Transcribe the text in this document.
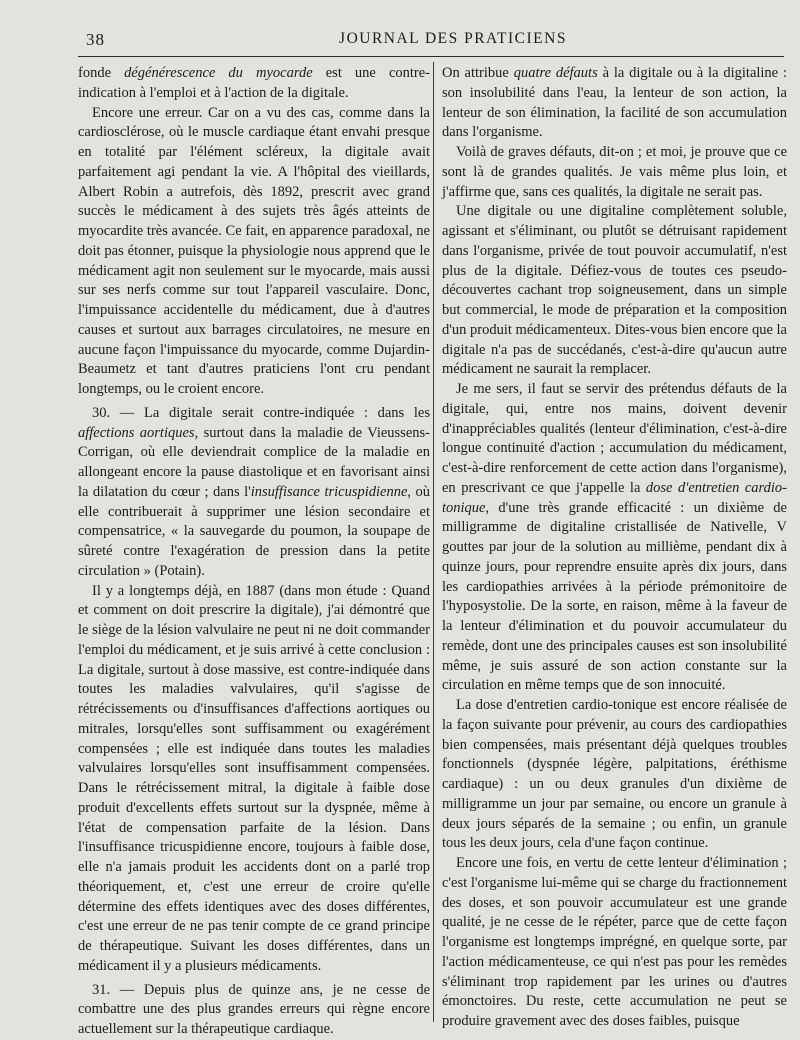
38	JOURNAL DES PRATICIENS

fonde dégénérescence du myocarde est une contre-indication à l'emploi et à l'action de la digitale.

Encore une erreur. Car on a vu des cas, comme dans la cardiosclérose, où le muscle cardiaque étant envahi presque en totalité par l'élément scléreux, la digitale avait parfaitement agi pendant la vie. A l'hôpital des vieillards, Albert Robin a autrefois, dès 1892, prescrit avec grand succès le médicament à des sujets très âgés atteints de myocardite très avancée. Ce fait, en apparence paradoxal, ne doit pas étonner, puisque la physiologie nous apprend que le médicament agit non seulement sur le myocarde, mais aussi sur ses nerfs comme sur tout l'appareil vasculaire. Donc, l'impuissance accidentelle du médicament, due à d'autres causes et surtout aux barrages circulatoires, ne mesure en aucune façon l'impuissance du myocarde, comme Dujardin-Beaumetz et tant d'autres praticiens l'ont cru pendant longtemps, ou le croient encore.

30. — La digitale serait contre-indiquée : dans les affections aortiques, surtout dans la maladie de Vieussens-Corrigan, où elle deviendrait complice de la maladie en allongeant encore la pause diastolique et en favorisant ainsi la dilatation du cœur ; dans l'insuffisance tricuspidienne, où elle contribuerait à supprimer une lésion secondaire et compensatrice, « la sauvegarde du poumon, la soupape de sûreté contre l'exagération de pression dans la petite circulation » (Potain).

Il y a longtemps déjà, en 1887 (dans mon étude : Quand et comment on doit prescrire la digitale), j'ai démontré que le siège de la lésion valvulaire ne peut ni ne doit commander l'emploi du médicament, et je suis arrivé à cette conclusion : La digitale, surtout à dose massive, est contre-indiquée dans toutes les maladies valvulaires, qu'il s'agisse de rétrécissements ou d'insuffisances d'affections aortiques ou mitrales, lorsqu'elles sont suffisamment ou exagérément compensées ; elle est indiquée dans toutes les maladies valvulaires lorsqu'elles sont insuffisamment compensées. Dans le rétrécissement mitral, la digitale à faible dose produit d'excellents effets surtout sur la dyspnée, même à l'état de compensation parfaite de la lésion. Dans l'insuffisance tricuspidienne encore, toujours à faible dose, elle n'a jamais produit les accidents dont on a parlé trop théoriquement, et, c'est une erreur de croire qu'elle détermine des effets identiques avec des doses différentes, c'est une erreur de ne pas tenir compte de ce grand principe de thérapeutique. Suivant les doses différentes, dans un médicament il y a plusieurs médicaments.

31. — Depuis plus de quinze ans, je ne cesse de combattre une des plus grandes erreurs qui règne encore actuellement sur la thérapeutique cardiaque.

On attribue quatre défauts à la digitale ou à la digitaline : son insolubilité dans l'eau, la lenteur de son action, la lenteur de son élimination, la facilité de son accumulation dans l'organisme.

Voilà de graves défauts, dit-on ; et moi, je prouve que ce sont là de grandes qualités. Je vais même plus loin, et j'affirme que, sans ces qualités, la digitale ne serait pas.

Une digitale ou une digitaline complètement soluble, agissant et s'éliminant, ou plutôt se détruisant rapidement dans l'organisme, privée de tout pouvoir accumulatif, n'est plus de la digitale. Défiez-vous de toutes ces pseudo-découvertes cachant trop soigneusement, dans un simple but commercial, le mode de préparation et la composition d'un produit médicamenteux. Dites-vous bien encore que la digitale n'a pas de succédanés, c'est-à-dire qu'aucun autre médicament ne saurait la remplacer.

Je me sers, il faut se servir des prétendus défauts de la digitale, qui, entre nos mains, doivent devenir d'inappréciables qualités (lenteur d'élimination, c'est-à-dire longue continuité d'action ; accumulation du médicament, c'est-à-dire renforcement de cette action dans l'organisme), en prescrivant ce que j'appelle la dose d'entretien cardio-tonique, d'une très grande efficacité : un dixième de milligramme de digitaline cristallisée de Nativelle, V gouttes par jour de la solution au millième, pendant dix à quinze jours, pour reprendre ensuite après dix jours, dans les cardiopathies arrivées à la période prémonitoire de l'hyposystolie. De la sorte, en raison, même à la faveur de la lenteur d'élimination et du pouvoir accumulateur du remède, dont une des principales causes est son insolubilité même, je suis assuré de son action constante sur la circulation en même temps que de son innocuité.

La dose d'entretien cardio-tonique est encore réalisée de la façon suivante pour prévenir, au cours des cardiopathies bien compensées, mais présentant déjà quelques troubles fonctionnels (dyspnée légère, palpitations, éréthisme cardiaque) : un ou deux granules d'un dixième de milligramme un jour par semaine, ou encore un granule à deux jours séparés de la semaine ; ou enfin, un granule tous les deux jours, cela d'une façon continue.

Encore une fois, en vertu de cette lenteur d'élimination ; c'est l'organisme lui-même qui se charge du fractionnement des doses, et son pouvoir accumulateur est une grande qualité, je ne cesse de le répéter, parce que de cette façon l'organisme est longtemps imprégné, en quelque sorte, par l'action médicamenteuse, ce qui n'est pas pour les remèdes s'éliminant trop rapidement par les urines ou d'autres émonctoires. Du reste, cette accumulation ne peut se produire gravement avec des doses faibles, puisque
